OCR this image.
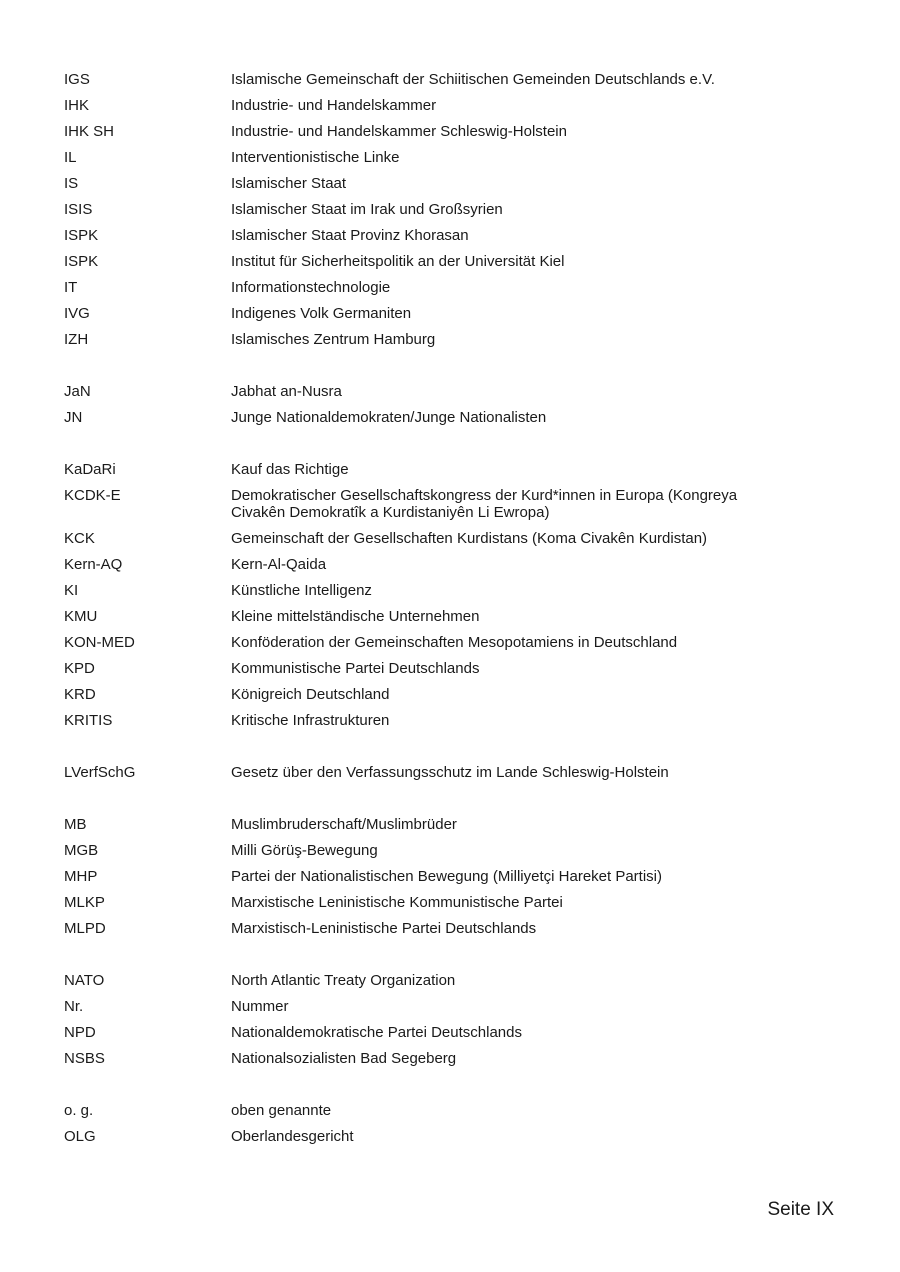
IGS	Islamische Gemeinschaft der Schiitischen Gemeinden Deutschlands e.V.
IHK	Industrie- und Handelskammer
IHK SH	Industrie- und Handelskammer Schleswig-Holstein
IL	Interventionistische Linke
IS	Islamischer Staat
ISIS	Islamischer Staat im Irak und Großsyrien
ISPK	Islamischer Staat Provinz Khorasan
ISPK	Institut für Sicherheitspolitik an der Universität Kiel
IT	Informationstechnologie
IVG	Indigenes Volk Germaniten
IZH	Islamisches Zentrum Hamburg
JaN	Jabhat an-Nusra
JN	Junge Nationaldemokraten/Junge Nationalisten
KaDaRi	Kauf das Richtige
KCDK-E	Demokratischer Gesellschaftskongress der Kurd*innen in Europa (Kongreya Civakên Demokratîk a Kurdistaniyên Li Ewropa)
KCK	Gemeinschaft der Gesellschaften Kurdistans (Koma Civakên Kurdistan)
Kern-AQ	Kern-Al-Qaida
KI	Künstliche Intelligenz
KMU	Kleine mittelständische Unternehmen
KON-MED	Konföderation der Gemeinschaften Mesopotamiens in Deutschland
KPD	Kommunistische Partei Deutschlands
KRD	Königreich Deutschland
KRITIS	Kritische Infrastrukturen
LVerfSchG	Gesetz über den Verfassungsschutz im Lande Schleswig-Holstein
MB	Muslimbruderschaft/Muslimbrüder
MGB	Milli Görüş-Bewegung
MHP	Partei der Nationalistischen Bewegung (Milliyetçi Hareket Partisi)
MLKP	Marxistische Leninistische Kommunistische Partei
MLPD	Marxistisch-Leninistische Partei Deutschlands
NATO	North Atlantic Treaty Organization
Nr.	Nummer
NPD	Nationaldemokratische Partei Deutschlands
NSBS	Nationalsozialisten Bad Segeberg
o. g.	oben genannte
OLG	Oberlandesgericht
Seite IX
